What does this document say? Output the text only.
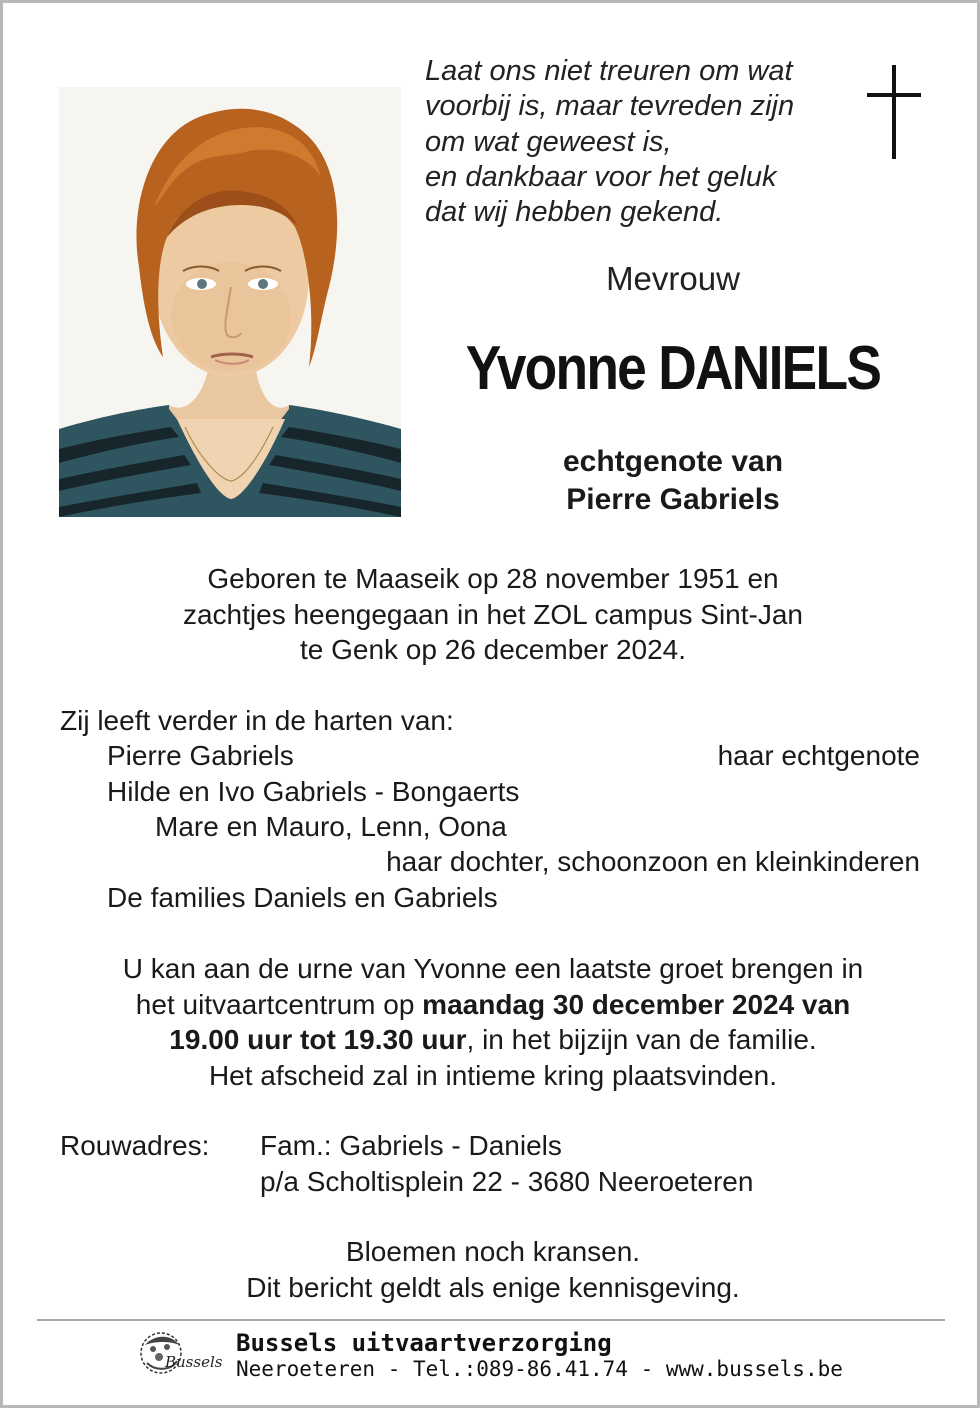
Laat ons niet treuren om wat
voorbij is, maar tevreden zijn
om wat geweest is,
en dankbaar voor het geluk
dat wij hebben gekend.
Mevrouw
Yvonne DANIELS
echtgenote van
Pierre Gabriels
Geboren te Maaseik op 28 november 1951 en
zachtjes heengegaan in het ZOL campus Sint-Jan
te Genk op 26 december 2024.
Zij leeft verder in de harten van:
Pierre Gabriels	haar echtgenote
Hilde en Ivo Gabriels - Bongaerts
Mare en Mauro, Lenn, Oona
haar dochter, schoonzoon en kleinkinderen
De families Daniels en Gabriels
U kan aan de urne van Yvonne een laatste groet brengen in
het uitvaartcentrum op maandag 30 december 2024 van
19.00 uur tot 19.30 uur, in het bijzijn van de familie.
Het afscheid zal in intieme kring plaatsvinden.
Rouwadres: Fam.: Gabriels - Daniels
p/a Scholtisplein 22 - 3680 Neeroeteren
Bloemen noch kransen.
Dit bericht geldt als enige kennisgeving.
Bussels
Bussels uitvaartverzorging
Neeroeteren - Tel.:089-86.41.74 - www.bussels.be
